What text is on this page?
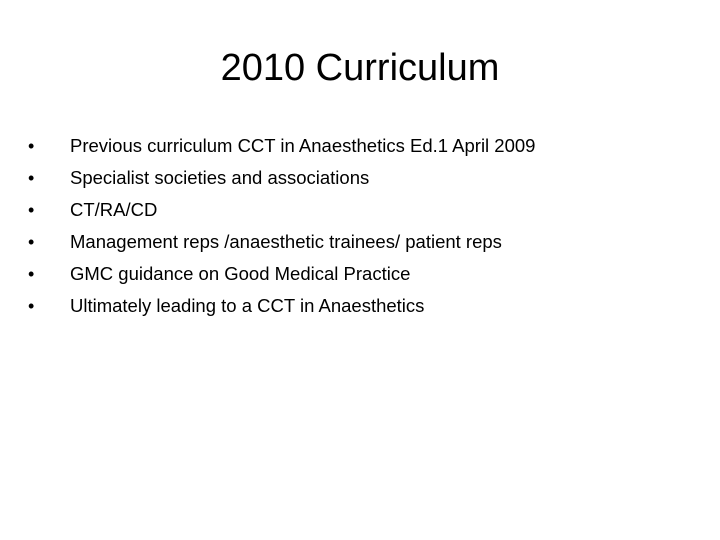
2010 Curriculum
•	Previous curriculum CCT in Anaesthetics Ed.1 April 2009
•	Specialist societies and associations
•	CT/RA/CD
•	Management reps /anaesthetic trainees/ patient reps
•	GMC guidance on Good Medical Practice
•	Ultimately leading to a CCT in Anaesthetics
